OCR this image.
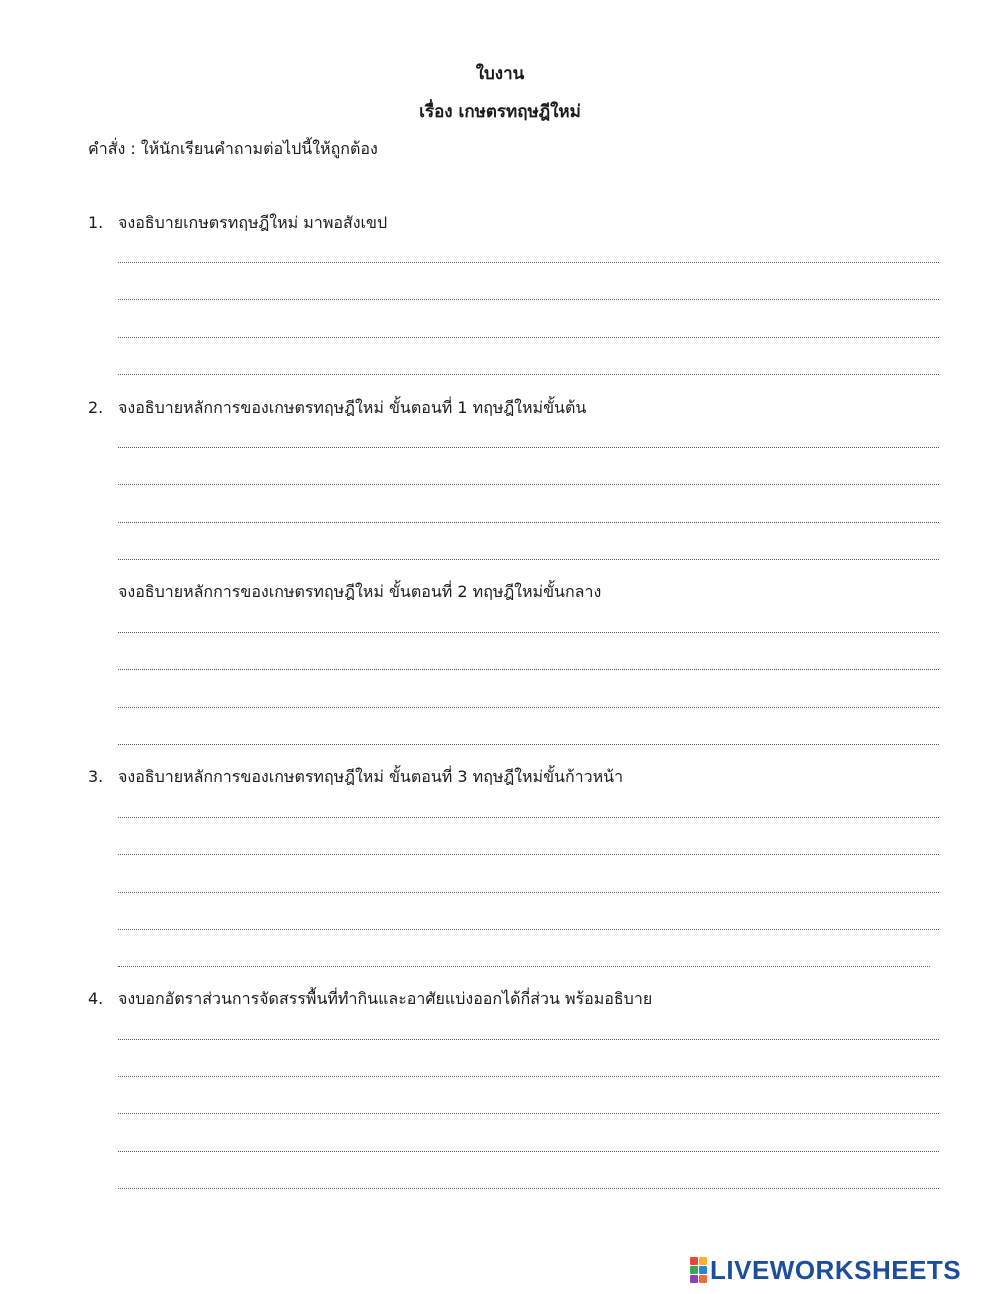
ใบงาน
เรื่อง เกษตรทฤษฎีใหม่
คำสั่ง : ให้นักเรียนคำถามต่อไปนี้ให้ถูกต้อง
1. จงอธิบายเกษตรทฤษฎีใหม่ มาพอสังเขป
2. จงอธิบายหลักการของเกษตรทฤษฎีใหม่ ขั้นตอนที่ 1 ทฤษฎีใหม่ขั้นต้น
จงอธิบายหลักการของเกษตรทฤษฎีใหม่ ขั้นตอนที่ 2 ทฤษฎีใหม่ขั้นกลาง
3. จงอธิบายหลักการของเกษตรทฤษฎีใหม่ ขั้นตอนที่ 3 ทฤษฎีใหม่ขั้นก้าวหน้า
4. จงบอกอัตราส่วนการจัดสรรพื้นที่ทำกินและอาศัยแบ่งออกได้กี่ส่วน พร้อมอธิบาย
LIVEWORKSHEETS
